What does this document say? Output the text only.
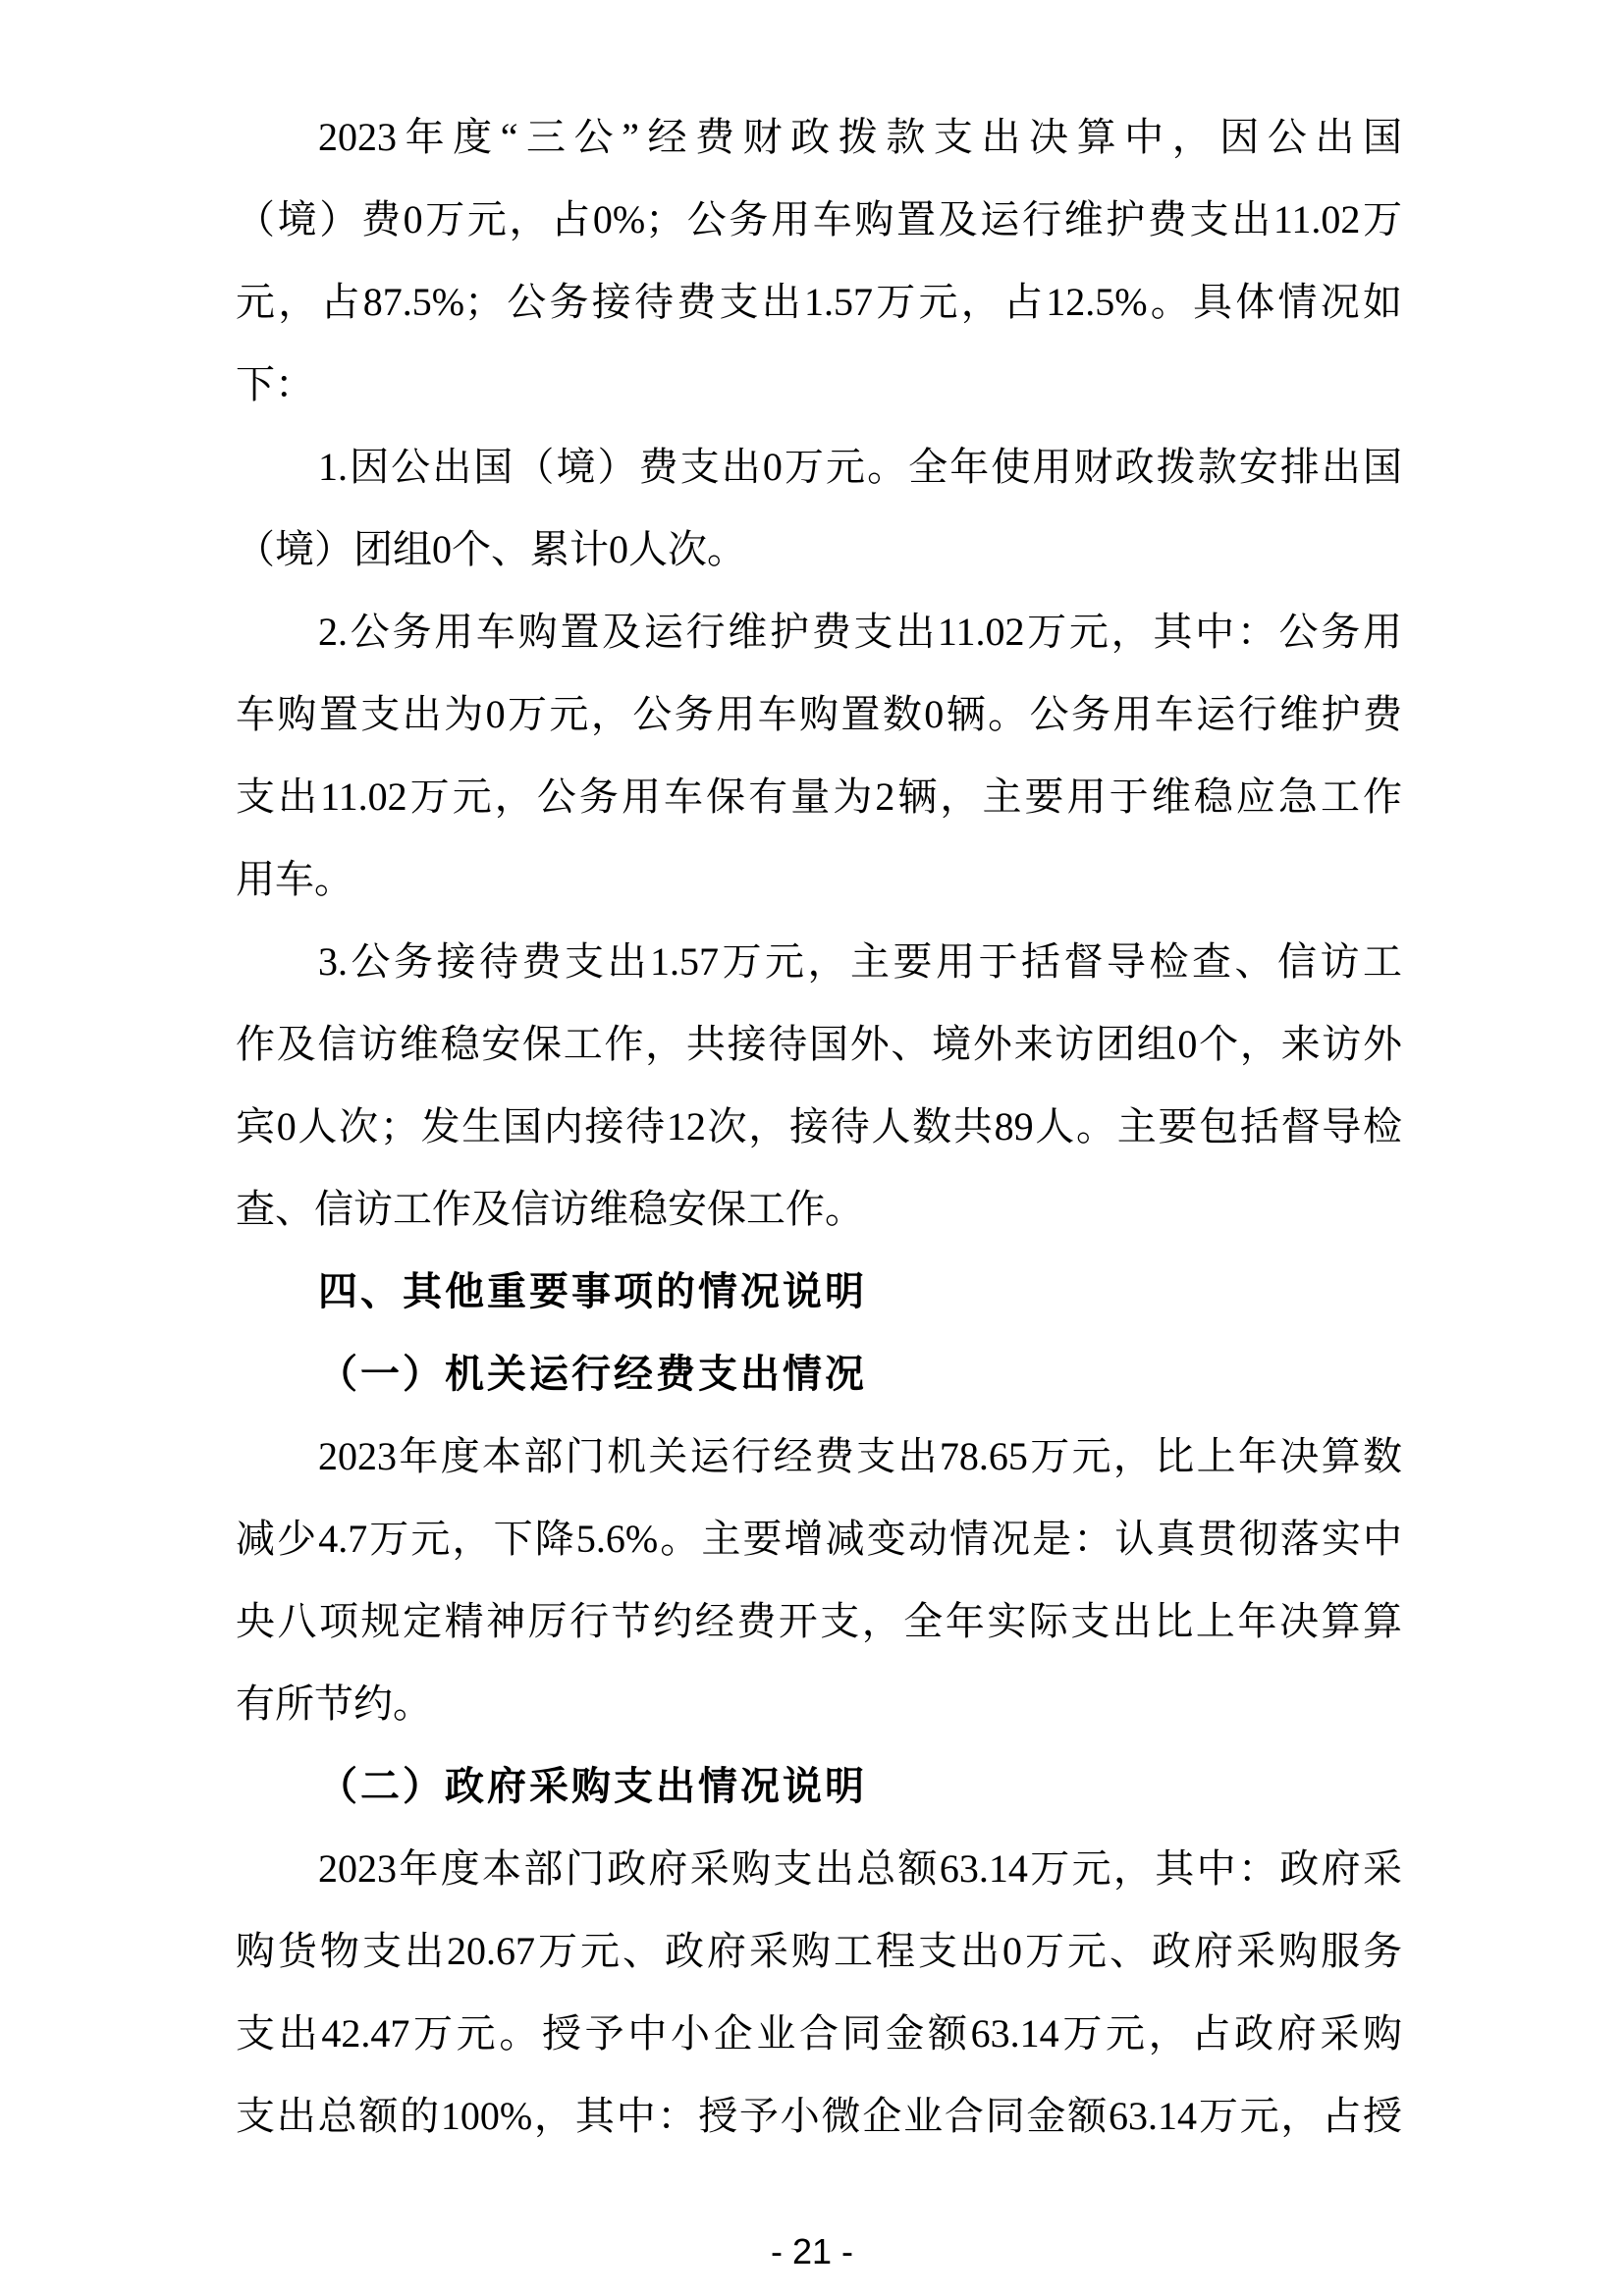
2023年度“三公”经费财政拨款支出决算中，因公出国
（境）费0万元，占0%；公务用车购置及运行维护费支出11.02万
元，占87.5%；公务接待费支出1.57万元，占12.5%。具体情况如
下：
1.因公出国（境）费支出0万元。全年使用财政拨款安排出国
（境）团组0个、累计0人次。
2.公务用车购置及运行维护费支出11.02万元，其中：公务用
车购置支出为0万元，公务用车购置数0辆。公务用车运行维护费
支出11.02万元，公务用车保有量为2辆，主要用于维稳应急工作
用车。
3.公务接待费支出1.57万元，主要用于括督导检查、信访工
作及信访维稳安保工作，共接待国外、境外来访团组0个，来访外
宾0人次；发生国内接待12次，接待人数共89人。主要包括督导检
查、信访工作及信访维稳安保工作。
四、其他重要事项的情况说明
（一）机关运行经费支出情况
2023年度本部门机关运行经费支出78.65万元，比上年决算数
减少4.7万元，下降5.6%。主要增减变动情况是：认真贯彻落实中
央八项规定精神厉行节约经费开支，全年实际支出比上年决算算
有所节约。
（二）政府采购支出情况说明
2023年度本部门政府采购支出总额63.14万元，其中：政府采
购货物支出20.67万元、政府采购工程支出0万元、政府采购服务
支出42.47万元。授予中小企业合同金额63.14万元，占政府采购
支出总额的100%，其中：授予小微企业合同金额63.14万元，占授
- 21 -
